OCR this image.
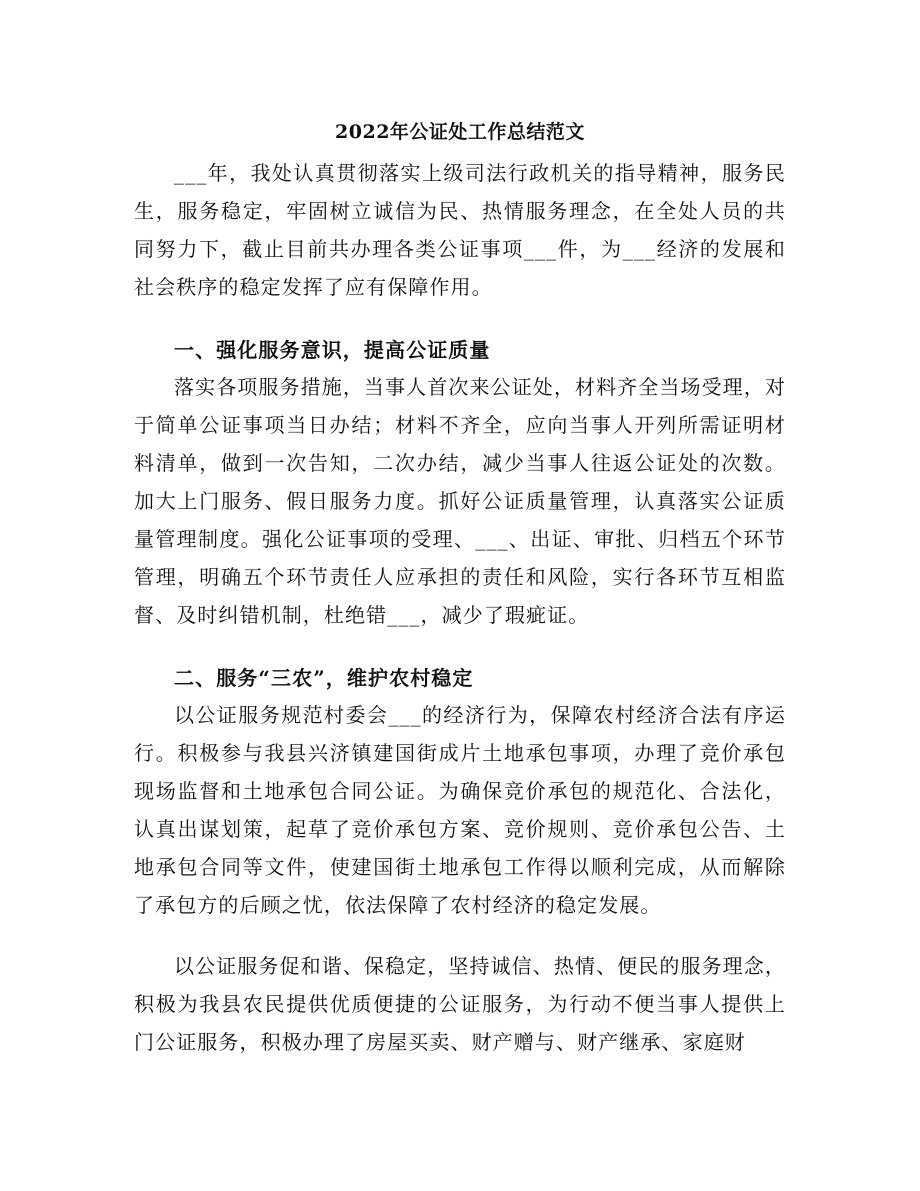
2022年公证处工作总结范文

___年，我处认真贯彻落实上级司法行政机关的指导精神，服务民生，服务稳定，牢固树立诚信为民、热情服务理念，在全处人员的共同努力下，截止目前共办理各类公证事项___件，为___经济的发展和社会秩序的稳定发挥了应有保障作用。

一、强化服务意识，提高公证质量

落实各项服务措施，当事人首次来公证处，材料齐全当场受理，对于简单公证事项当日办结；材料不齐全，应向当事人开列所需证明材料清单，做到一次告知，二次办结，减少当事人往返公证处的次数。加大上门服务、假日服务力度。抓好公证质量管理，认真落实公证质量管理制度。强化公证事项的受理、___、出证、审批、归档五个环节管理，明确五个环节责任人应承担的责任和风险，实行各环节互相监督、及时纠错机制，杜绝错___，减少了瑕疵证。

二、服务“三农”，维护农村稳定

以公证服务规范村委会___的经济行为，保障农村经济合法有序运行。积极参与我县兴济镇建国街成片土地承包事项，办理了竞价承包现场监督和土地承包合同公证。为确保竞价承包的规范化、合法化，认真出谋划策，起草了竞价承包方案、竞价规则、竞价承包公告、土地承包合同等文件，使建国街土地承包工作得以顺利完成，从而解除了承包方的后顾之忧，依法保障了农村经济的稳定发展。

以公证服务促和谐、保稳定，坚持诚信、热情、便民的服务理念，积极为我县农民提供优质便捷的公证服务，为行动不便当事人提供上门公证服务，积极办理了房屋买卖、财产赠与、财产继承、家庭财
